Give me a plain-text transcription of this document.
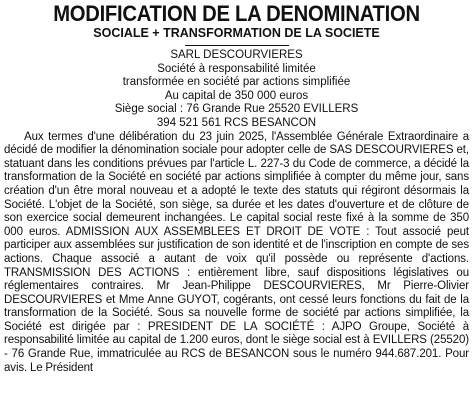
MODIFICATION DE LA DENOMINATION
SOCIALE + TRANSFORMATION DE LA SOCIETE

SARL DESCOURVIERES

Société à responsabilité limitée

transformée en société par actions simplifiée

Au capital de 350 000 euros

Siège social : 76 Grande Rue 25520 EVILLERS

394 521 561 RCS BESANCON

Aux termes d'une délibération du 23 juin 2025, l'Assemblée Générale Extraordinaire a décidé de modifier la dénomination sociale pour adopter celle de SAS DESCOURVIERES et, statuant dans les conditions prévues par l'article L. 227-3 du Code de commerce, a décidé la transformation de la Société en société par actions simplifiée à compter du même jour, sans création d'un être moral nouveau et a adopté le texte des statuts qui régiront désormais la Société. L'objet de la Société, son siège, sa durée et les dates d'ouverture et de clôture de son exercice social demeurent inchangées. Le capital social reste fixé à la somme de 350 000 euros. ADMISSION AUX ASSEMBLEES ET DROIT DE VOTE : Tout associé peut participer aux assemblées sur justification de son identité et de l'inscription en compte de ses actions. Chaque associé a autant de voix qu'il possède ou représente d'actions. TRANSMISSION DES ACTIONS : entièrement libre, sauf dispositions législatives ou réglementaires contraires. Mr Jean-Philippe DESCOURVIERES, Mr Pierre-Olivier DESCOURVIERES et Mme Anne GUYOT, cogérants, ont cessé leurs fonctions du fait de la transformation de la Société. Sous sa nouvelle forme de société par actions simplifiée, la Société est dirigée par : PRESIDENT DE LA SOCIÉTÉ : AJPO Groupe, Société à responsabilité limitée au capital de 1.200 euros, dont le siège social est à EVILLERS (25520) - 76 Grande Rue, immatriculée au RCS de BESANCON sous le numéro 944.687.201. Pour avis. Le Président
